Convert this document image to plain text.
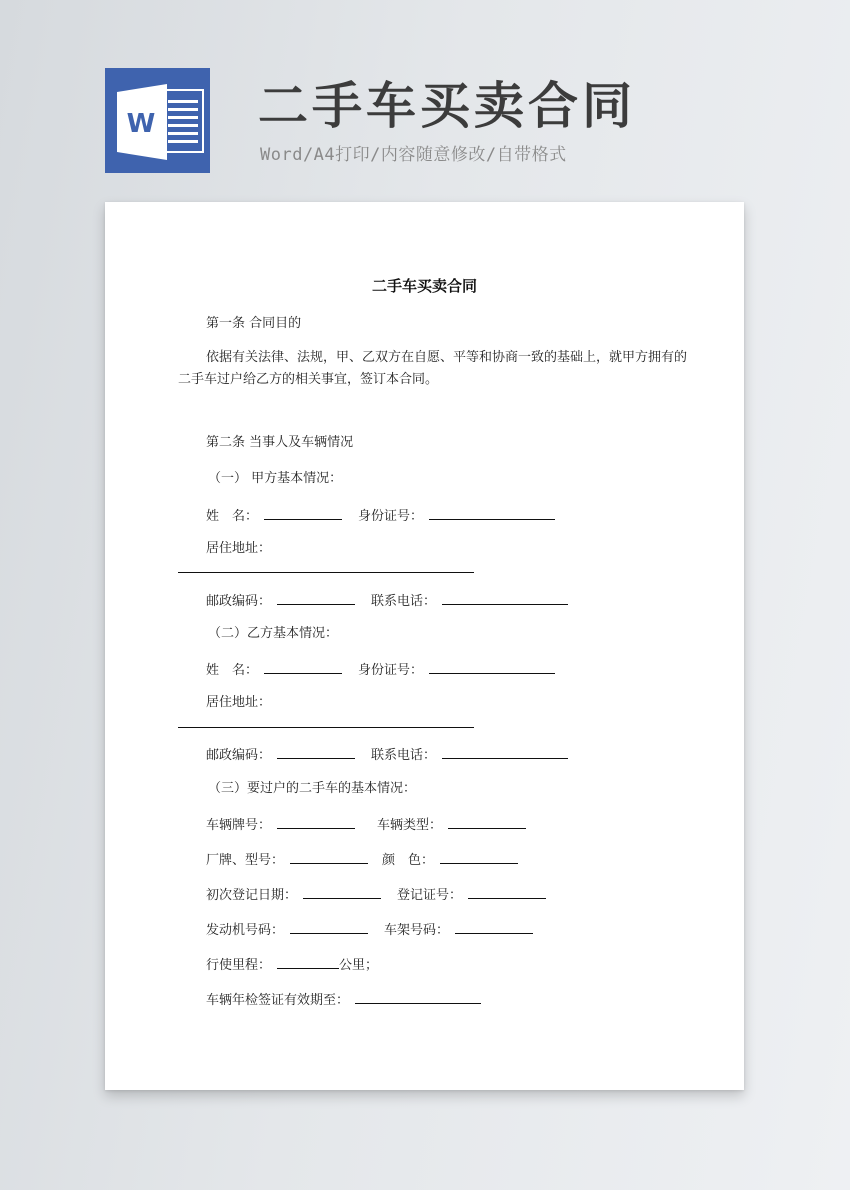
W 二手车买卖合同
Word/A4打印/内容随意修改/自带格式
二手车买卖合同
第一条 合同目的
依据有关法律、法规，甲、乙双方在自愿、平等和协商一致的基础上，就甲方拥有的二手车过户给乙方的相关事宜，签订本合同。
第二条 当事人及车辆情况
（一） 甲方基本情况：
姓　名：	身份证号：
居住地址：
邮政编码：	联系电话：
（二）乙方基本情况：
姓　名：	身份证号：
居住地址：
邮政编码：	联系电话：
（三）要过户的二手车的基本情况：
车辆牌号：	车辆类型：
厂牌、型号：	颜　色：
初次登记日期：	登记证号：
发动机号码：	车架号码：
行使里程：	公里；
车辆年检签证有效期至：
